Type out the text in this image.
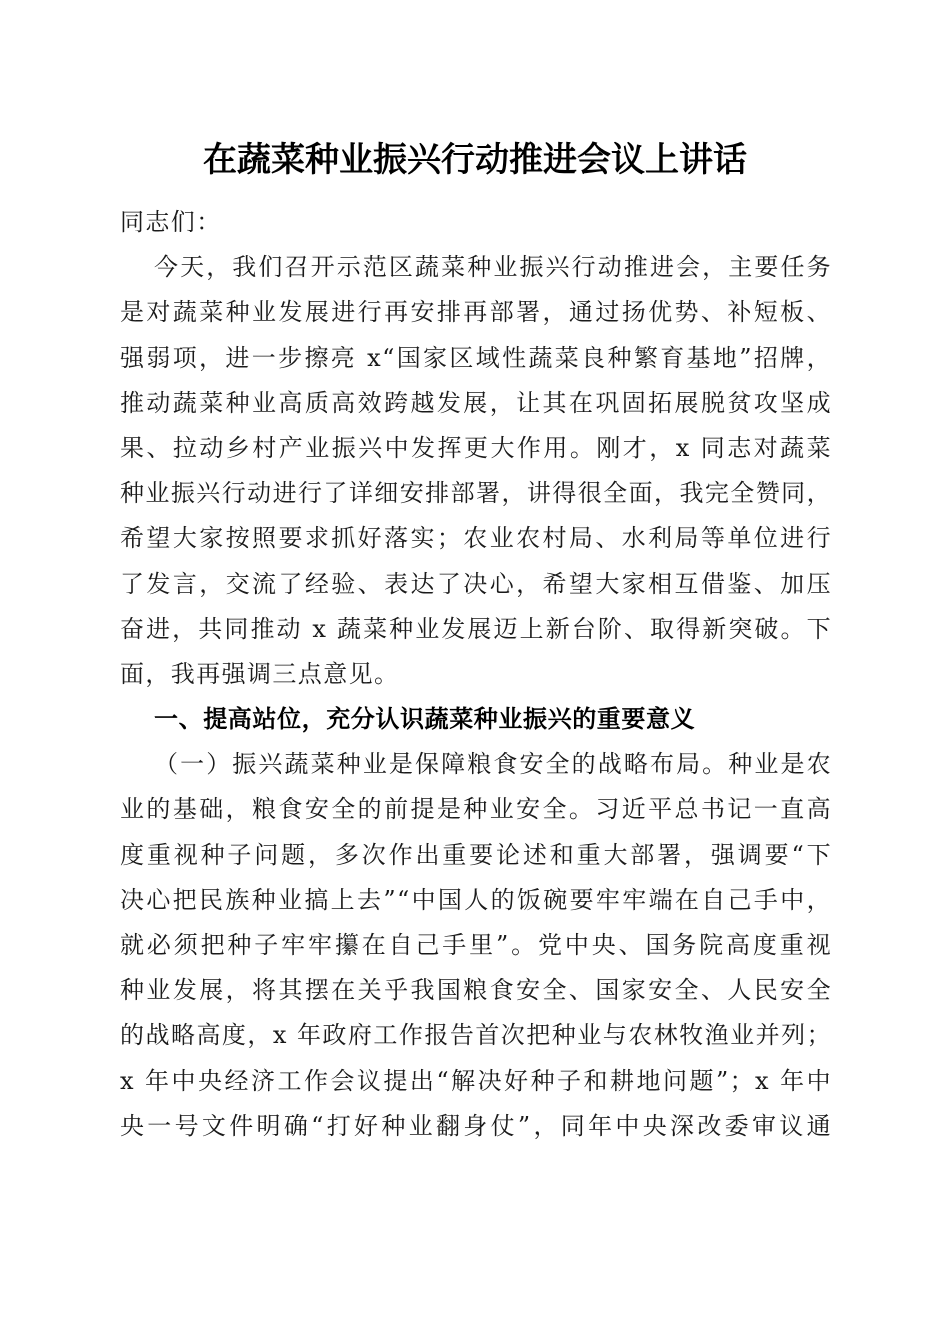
在蔬菜种业振兴行动推进会议上讲话
同志们：
今天，我们召开示范区蔬菜种业振兴行动推进会，主要任务
是对蔬菜种业发展进行再安排再部署，通过扬优势、补短板、
强弱项，进一步擦亮 x“国家区域性蔬菜良种繁育基地”招牌，
推动蔬菜种业高质高效跨越发展，让其在巩固拓展脱贫攻坚成
果、拉动乡村产业振兴中发挥更大作用。刚才，x 同志对蔬菜
种业振兴行动进行了详细安排部署，讲得很全面，我完全赞同，
希望大家按照要求抓好落实；农业农村局、水利局等单位进行
了发言，交流了经验、表达了决心，希望大家相互借鉴、加压
奋进，共同推动 x 蔬菜种业发展迈上新台阶、取得新突破。下
面，我再强调三点意见。
一、提高站位，充分认识蔬菜种业振兴的重要意义
（一）振兴蔬菜种业是保障粮食安全的战略布局。种业是农
业的基础，粮食安全的前提是种业安全。习近平总书记一直高
度重视种子问题，多次作出重要论述和重大部署，强调要“下
决心把民族种业搞上去”“中国人的饭碗要牢牢端在自己手中，
就必须把种子牢牢攥在自己手里”。党中央、国务院高度重视
种业发展，将其摆在关乎我国粮食安全、国家安全、人民安全
的战略高度，x 年政府工作报告首次把种业与农林牧渔业并列；
x 年中央经济工作会议提出“解决好种子和耕地问题”；x 年中
央一号文件明确“打好种业翻身仗”，同年中央深改委审议通
